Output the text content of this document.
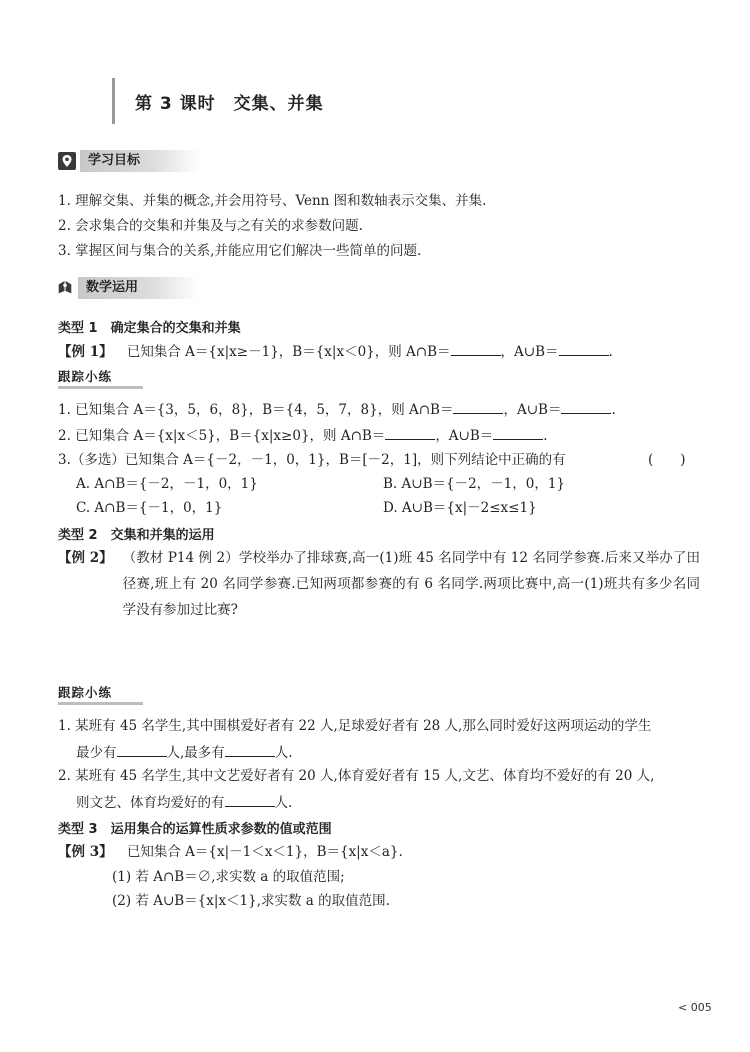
第 3 课时　交集、并集
学习目标
1. 理解交集、并集的概念,并会用符号、Venn 图和数轴表示交集、并集.
2. 会求集合的交集和并集及与之有关的求参数问题.
3. 掌握区间与集合的关系,并能应用它们解决一些简单的问题.
数学运用
类型 1　确定集合的交集和并集
【例 1】 已知集合 A＝{x|x≥－1}，B＝{x|x＜0}，则 A∩B＝	，A∪B＝	.
跟踪小练
1. 已知集合 A＝{3，5，6，8}，B＝{4，5，7，8}，则 A∩B＝	，A∪B＝	.
2. 已知集合 A＝{x|x＜5}，B＝{x|x≥0}，则 A∩B＝	，A∪B＝	.
3.（多选）已知集合 A＝{－2，－1，0，1}，B＝[－2，1]，则下列结论中正确的有	(　　)
A. A∩B＝{－2，－1，0，1}	B. A∪B＝{－2，－1，0，1}
C. A∩B＝{－1，0，1}	D. A∪B＝{x|－2≤x≤1}
类型 2　交集和并集的运用
【例 2】 （教材 P14 例 2）学校举办了排球赛,高一(1)班 45 名同学中有 12 名同学参赛.后来又举办了田径赛,班上有 20 名同学参赛.已知两项都参赛的有 6 名同学.两项比赛中,高一(1)班共有多少名同学没有参加过比赛?
跟踪小练
1. 某班有 45 名学生,其中围棋爱好者有 22 人,足球爱好者有 28 人,那么同时爱好这两项运动的学生
最少有	人,最多有	人.
2. 某班有 45 名学生,其中文艺爱好者有 20 人,体育爱好者有 15 人,文艺、体育均不爱好的有 20 人,
则文艺、体育均爱好的有	人.
类型 3　运用集合的运算性质求参数的值或范围
【例 3】 已知集合 A＝{x|－1＜x＜1}，B＝{x|x＜a}.
(1) 若 A∩B＝∅,求实数 a 的取值范围;
(2) 若 A∪B＝{x|x＜1},求实数 a 的取值范围.
< 005
